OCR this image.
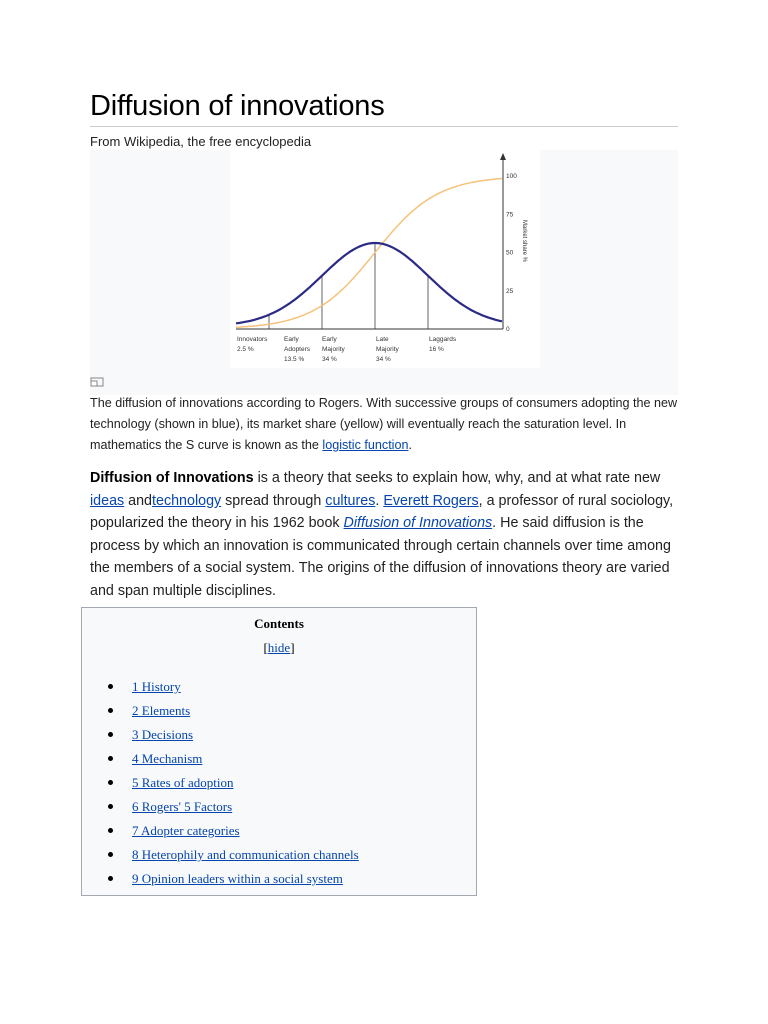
Diffusion of innovations
From Wikipedia, the free encyclopedia
100
75
50
25
0
Market share %
Innovators
2.5 %
Early
Adopters
13.5 %
Early
Majority
34 %
Late
Majority
34 %
Laggards
16 %
The diffusion of innovations according to Rogers. With successive groups of consumers adopting the new technology (shown in blue), its market share (yellow) will eventually reach the saturation level. In mathematics the S curve is known as the logistic function.
Diffusion of Innovations is a theory that seeks to explain how, why, and at what rate new ideas andtechnology spread through cultures. Everett Rogers, a professor of rural sociology, popularized the theory in his 1962 book Diffusion of Innovations. He said diffusion is the process by which an innovation is communicated through certain channels over time among the members of a social system. The origins of the diffusion of innovations theory are varied and span multiple disciplines.
Contents
[hide]
1 History
2 Elements
3 Decisions
4 Mechanism
5 Rates of adoption
6 Rogers' 5 Factors
7 Adopter categories
8 Heterophily and communication channels
9 Opinion leaders within a social system
